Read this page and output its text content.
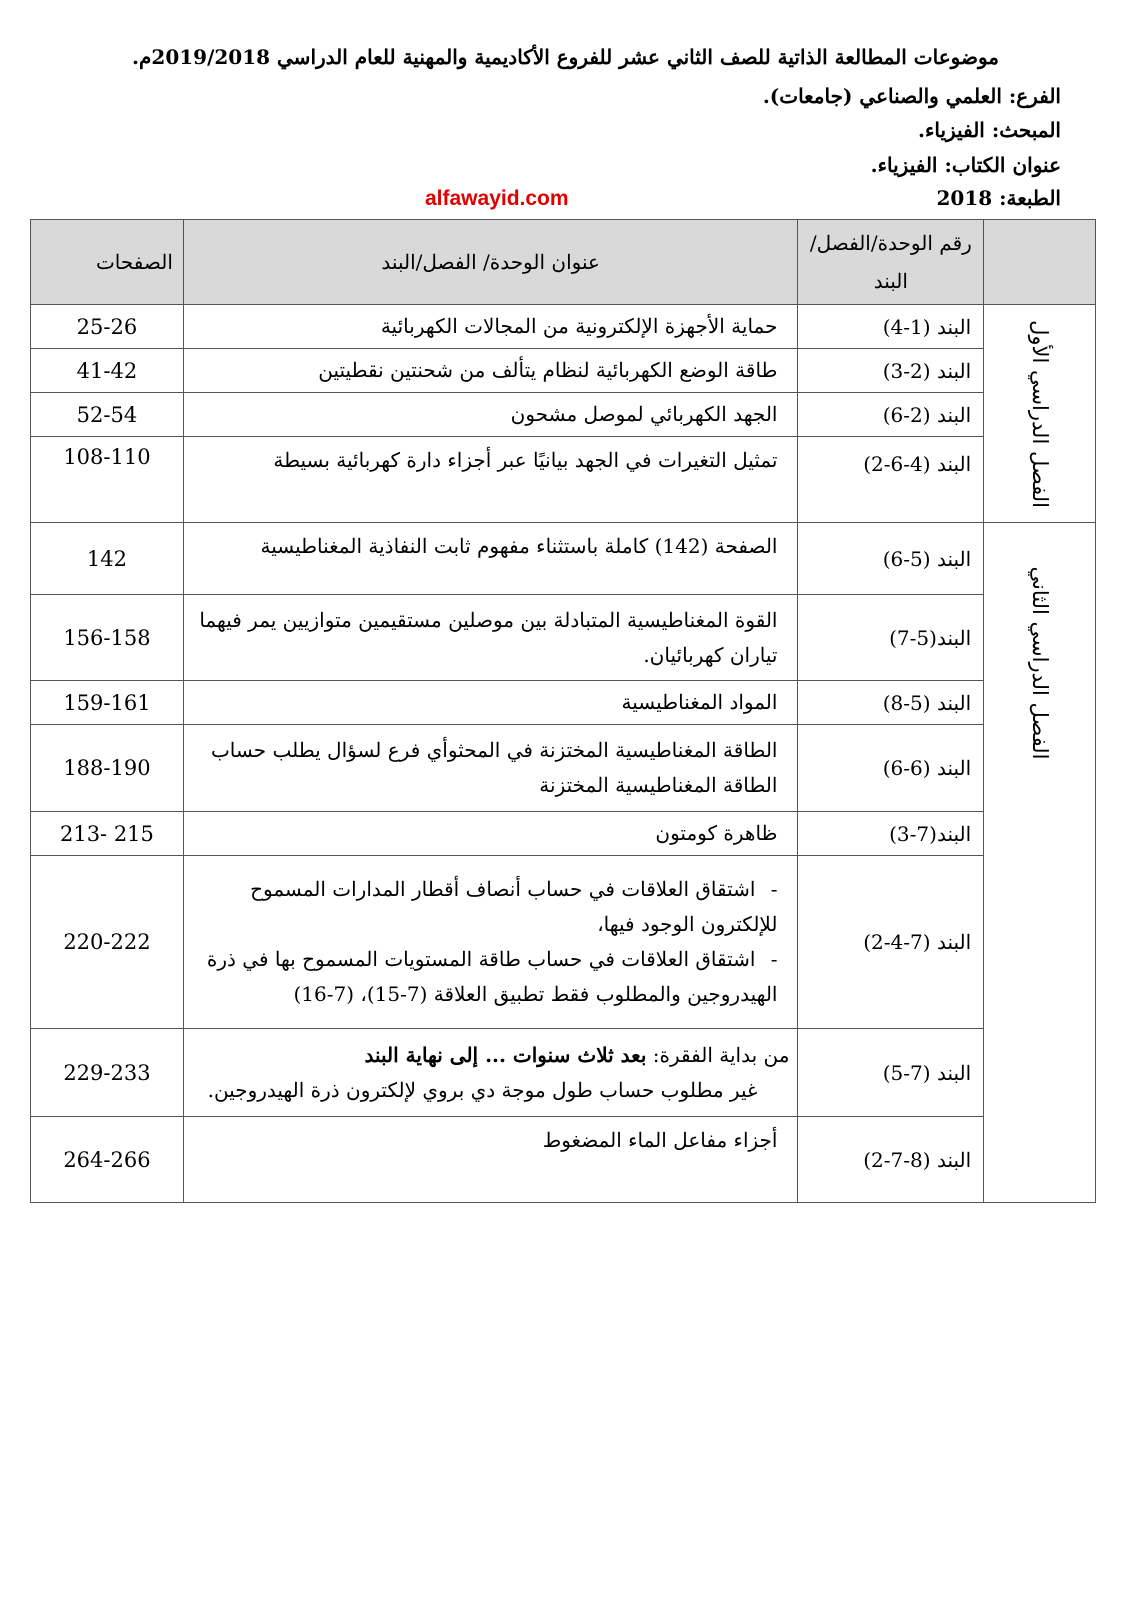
موضوعات المطالعة الذاتية للصف الثاني عشر للفروع الأكاديمية والمهنية للعام الدراسي 2019/2018م.
الفرع: العلمي والصناعي (جامعات).
المبحث: الفيزياء.
عنوان الكتاب: الفيزياء.
الطبعة: 2018
alfawayid.com
	رقم الوحدة/الفصل/البند	عنوان الوحدة/ الفصل/البند	الصفحات

الفصل الدراسي الأول	البند (1-4)	حماية الأجهزة الإلكترونية من المجالات الكهربائية	25-26
	البند (2-3)	طاقة الوضع الكهربائية لنظام يتألف من شحنتين نقطيتين	41-42
	البند (2-6)	الجهد الكهربائي لموصل مشحون	52-54
	البند (4-6-2)	تمثيل التغيرات في الجهد بيانيًا عبر أجزاء دارة كهربائية بسيطة	108-110

الفصل الدراسي الثاني	البند (5-6)	الصفحة (142) كاملة باستثناء مفهوم ثابت النفاذية المغناطيسية	142
	البند(5-7)	القوة المغناطيسية المتبادلة بين موصلين مستقيمين متوازيين يمر فيهما تياران كهربائيان.	156-158
	البند (5-8)	المواد المغناطيسية	159-161
	البند (6-6)	الطاقة المغناطيسية المختزنة في المحثوأي فرع لسؤال يطلب حساب الطاقة المغناطيسية المختزنة	188-190
	البند(7-3)	ظاهرة كومتون	213- 215
	البند (7-4-2)	-اشتقاق العلاقات في حساب أنصاف أقطار المدارات المسموح للإلكترون الوجود فيها،
-اشتقاق العلاقات في حساب طاقة المستويات المسموح بها في ذرة الهيدروجين والمطلوب فقط تطبيق العلاقة (7-15)، (7-16)	220-222
	البند (7-5)	من بداية الفقرة: بعد ثلاث سنوات ... إلى نهاية البند
غير مطلوب حساب طول موجة دي بروي لإلكترون ذرة الهيدروجين.	229-233
	البند (8-7-2)	أجزاء مفاعل الماء المضغوط	264-266
